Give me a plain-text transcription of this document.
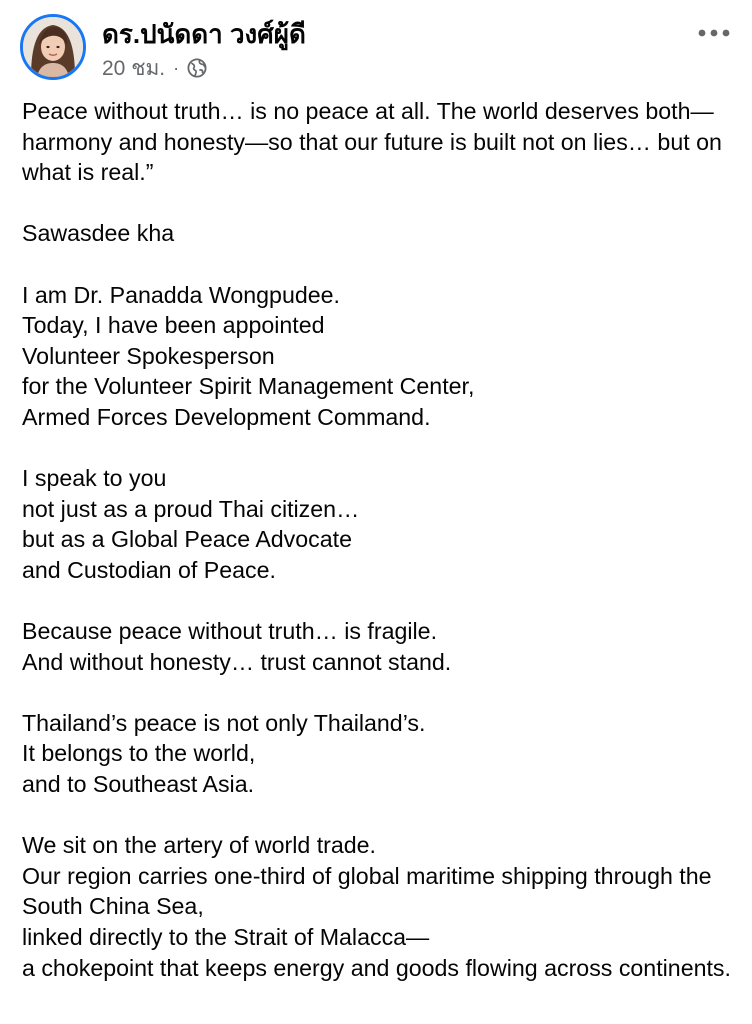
ดร.ปนัดดา วงศ์ผู้ดี
20 ชม. ·

Peace without truth… is no peace at all. The world deserves both—harmony and honesty—so that our future is built not on lies… but on what is real.”

Sawasdee kha

I am Dr. Panadda Wongpudee.
Today, I have been appointed
Volunteer Spokesperson
for the Volunteer Spirit Management Center,
Armed Forces Development Command.

I speak to you
not just as a proud Thai citizen…
but as a Global Peace Advocate
and Custodian of Peace.

Because peace without truth… is fragile.
And without honesty… trust cannot stand.

Thailand’s peace is not only Thailand’s.
It belongs to the world,
and to Southeast Asia.

We sit on the artery of world trade.
Our region carries one-third of global maritime shipping through the South China Sea,
linked directly to the Strait of Malacca—
a chokepoint that keeps energy and goods flowing across continents.
